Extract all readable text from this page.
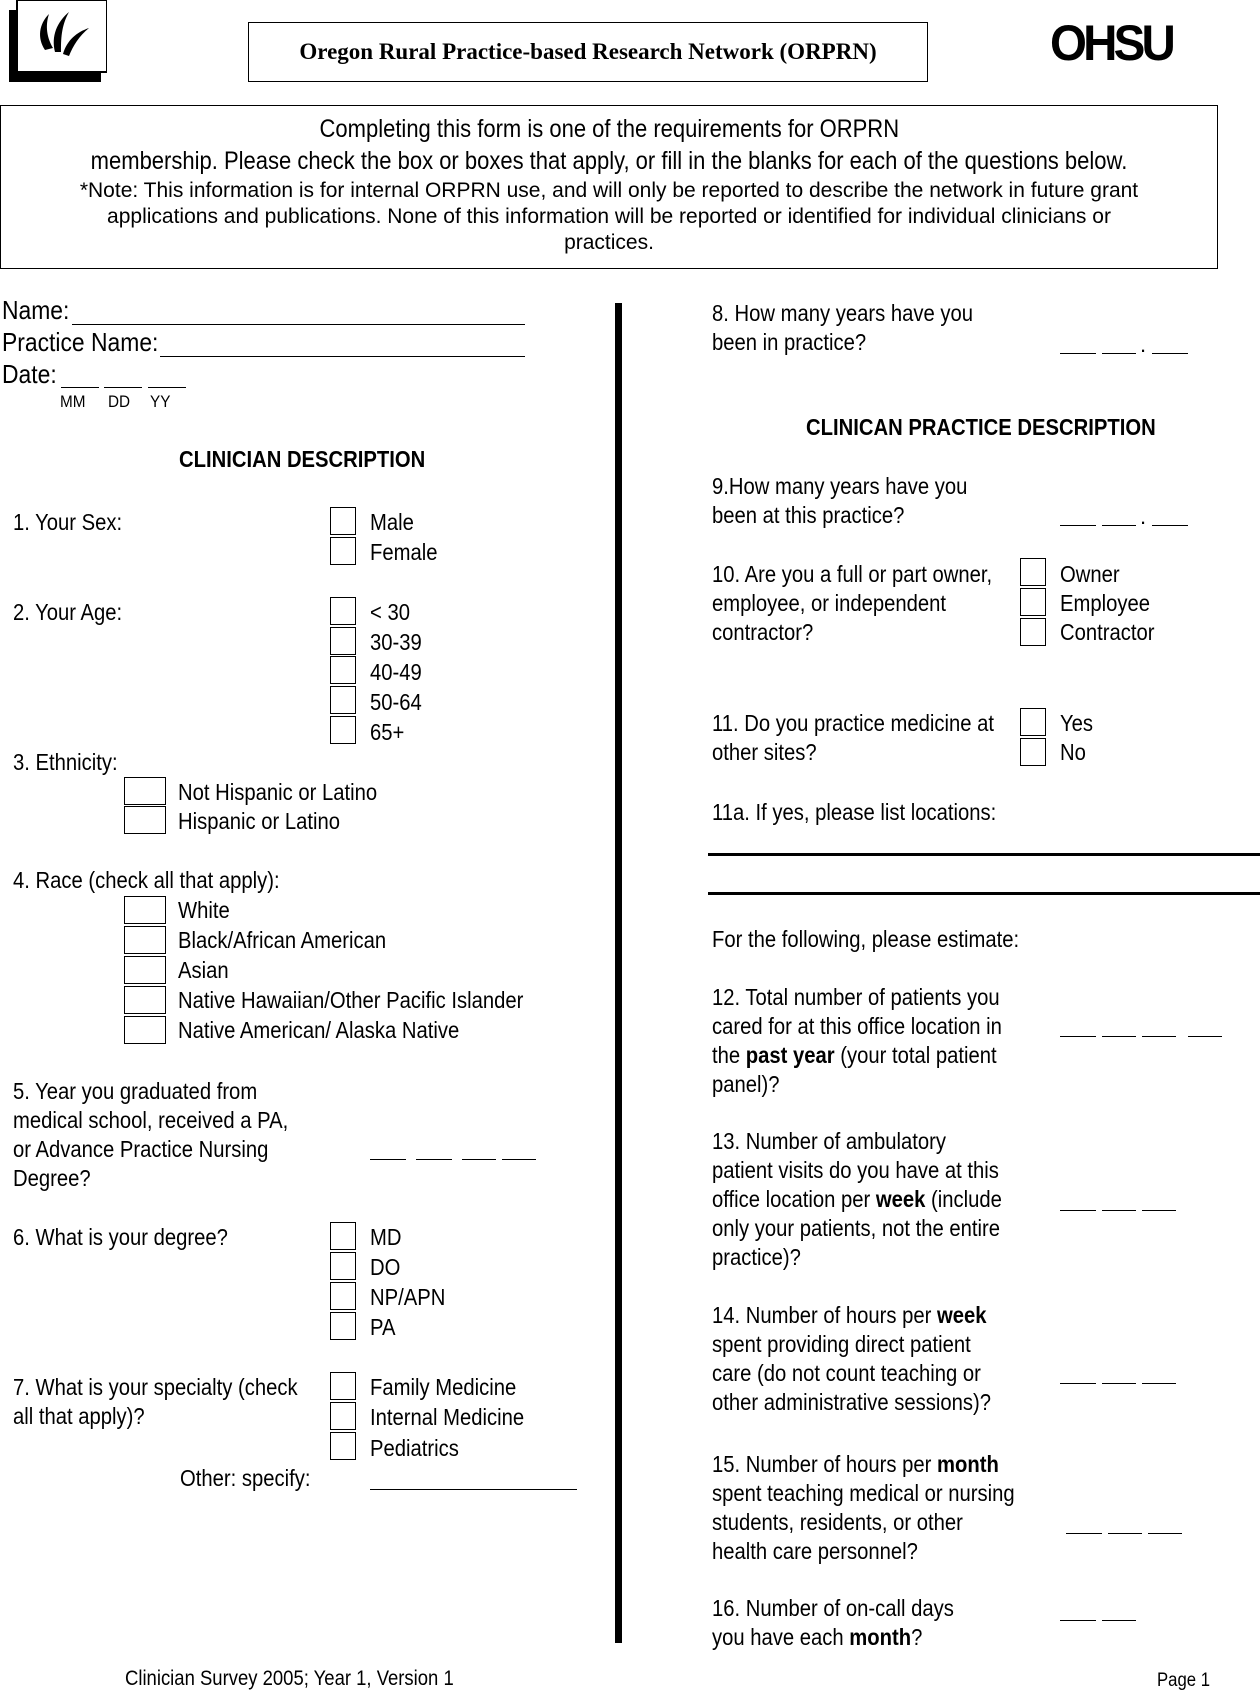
Oregon Rural Practice-based Research Network (ORPRN)	OHSU
Completing this form is one of the requirements for ORPRN
membership. Please check the box or boxes that apply, or fill in the blanks for each of the questions below.
*Note: This information is for internal ORPRN use, and will only be reported to describe the network in future grant
applications and publications. None of this information will be reported or identified for individual clinicians or
practices.
Name:
Practice Name:
Date:
MM DD YY
CLINICIAN DESCRIPTION
1. Your Sex:	Male
Female
2. Your Age:	< 30
30-39
40-49
50-64
65+
3. Ethnicity:
Not Hispanic or Latino
Hispanic or Latino
4. Race (check all that apply):
White
Black/African American
Asian
Native Hawaiian/Other Pacific Islander
Native American/ Alaska Native
5. Year you graduated from
medical school, received a PA,
or Advance Practice Nursing
Degree?
6. What is your degree?	MD
DO
NP/APN
PA
7. What is your specialty (check
all that apply)?
Family Medicine
Internal Medicine
Pediatrics
Other: specify:
8. How many years have you
been in practice?	.
CLINICAN PRACTICE DESCRIPTION
9.How many years have you
been at this practice?	.
10. Are you a full or part owner,
employee, or independent
contractor?
Owner
Employee
Contractor
11. Do you practice medicine at
other sites?
Yes
No
11a. If yes, please list locations:
For the following, please estimate:
12. Total number of patients you
cared for at this office location in
the past year (your total patient
panel)?
13. Number of ambulatory
patient visits do you have at this
office location per week (include
only your patients, not the entire
practice)?
14. Number of hours per week
spent providing direct patient
care (do not count teaching or
other administrative sessions)?
15. Number of hours per month
spent teaching medical or nursing
students, residents, or other
health care personnel?
16. Number of on-call days
you have each month?
Clinician Survey 2005; Year 1, Version 1	Page 1
